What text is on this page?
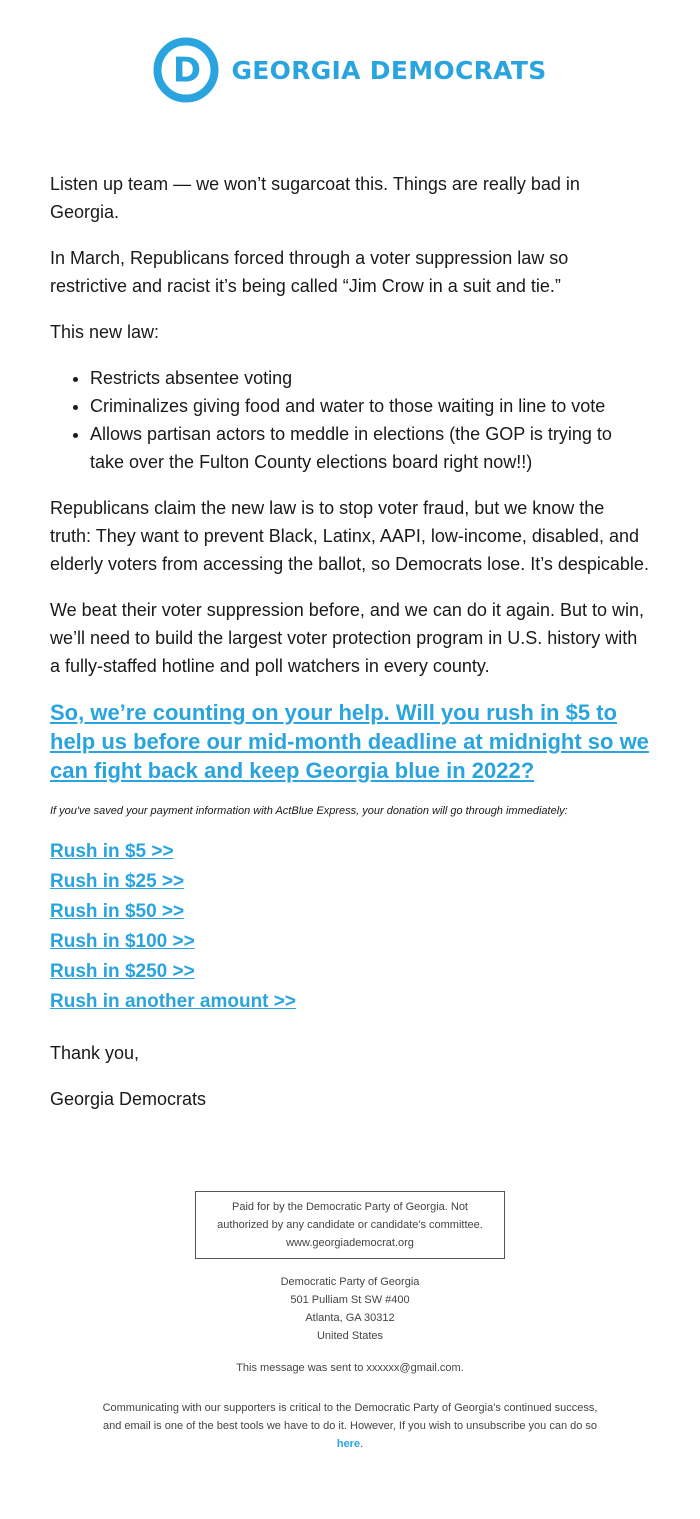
D GEORGIA DEMOCRATS

Listen up team — we won’t sugarcoat this. Things are really bad in Georgia.

In March, Republicans forced through a voter suppression law so restrictive and racist it’s being called “Jim Crow in a suit and tie.”

This new law:

• Restricts absentee voting
• Criminalizes giving food and water to those waiting in line to vote
• Allows partisan actors to meddle in elections (the GOP is trying to take over the Fulton County elections board right now!!)

Republicans claim the new law is to stop voter fraud, but we know the truth: They want to prevent Black, Latinx, AAPI, low-income, disabled, and elderly voters from accessing the ballot, so Democrats lose. It’s despicable.

We beat their voter suppression before, and we can do it again. But to win, we’ll need to build the largest voter protection program in U.S. history with a fully-staffed hotline and poll watchers in every county.

So, we’re counting on your help. Will you rush in $5 to help us before our mid-month deadline at midnight so we can fight back and keep Georgia blue in 2022?

If you've saved your payment information with ActBlue Express, your donation will go through immediately:

Rush in $5 >>
Rush in $25 >>
Rush in $50 >>
Rush in $100 >>
Rush in $250 >>
Rush in another amount >>

Thank you,

Georgia Democrats

Paid for by the Democratic Party of Georgia. Not authorized by any candidate or candidate's committee. www.georgiademocrat.org
Democratic Party of Georgia
501 Pulliam St SW #400
Atlanta, GA 30312
United States
This message was sent to xxxxxx@gmail.com.
Communicating with our supporters is critical to the Democratic Party of Georgia's continued success, and email is one of the best tools we have to do it. However, If you wish to unsubscribe you can do so here.
